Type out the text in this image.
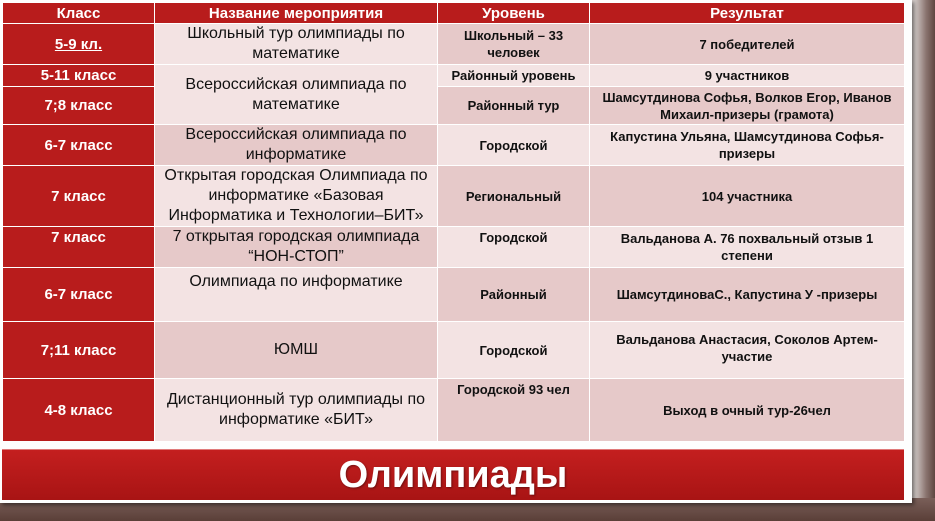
Класс	Название мероприятия	Уровень	Результат
5-9 кл.	Школьный тур олимпиады по математике	Школьный – 33 человек	7 победителей
5-11 класс	Всероссийская олимпиада по математике	Районный уровень	9 участников
7;8 класс		Районный тур	Шамсутдинова Софья, Волков Егор, Иванов Михаил-призеры (грамота)
6-7 класс	Всероссийская олимпиада по информатике	Городской	Капустина Ульяна, Шамсутдинова Софья-призеры
7 класс	Открытая городская Олимпиада по информатике «Базовая Информатика и Технологии–БИТ»	Региональный	104 участника
7 класс	7 открытая городская олимпиада “НОН-СТОП”	Городской	Вальданова А. 76 похвальный отзыв 1 степени
6-7 класс	Олимпиада по информатике	Районный	ШамсутдиноваС., Капустина У -призеры
7;11 класс	ЮМШ	Городской	Вальданова Анастасия, Соколов Артем-участие
4-8 класс	Дистанционный тур олимпиады по информатике «БИТ»	Городской 93 чел	Выход в очный тур-26чел
Олимпиады
